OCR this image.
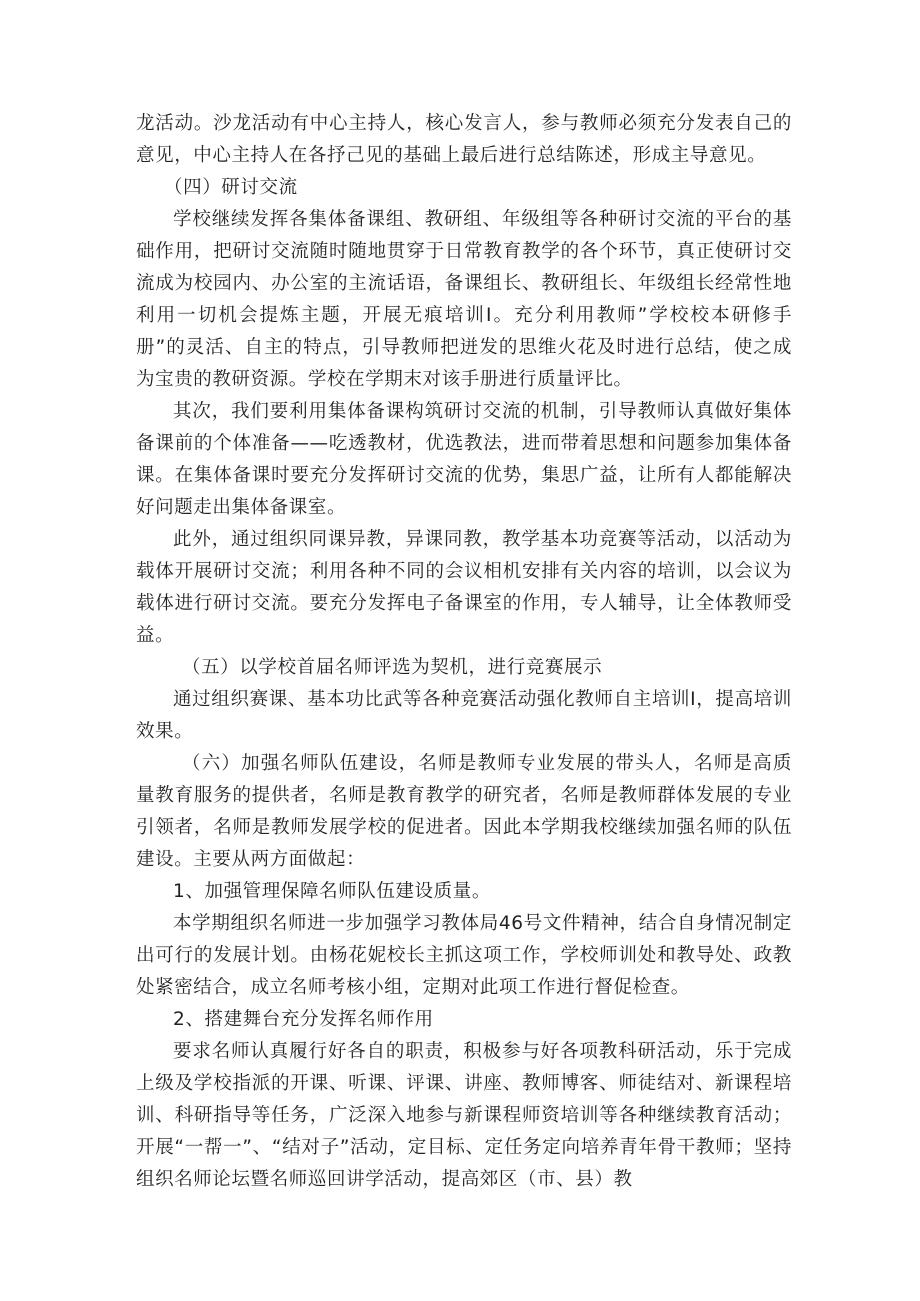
龙活动。沙龙活动有中心主持人，核心发言人，参与教师必须充分发表自己的意见，中心主持人在各抒己见的基础上最后进行总结陈述，形成主导意见。

（四）研讨交流

学校继续发挥各集体备课组、教研组、年级组等各种研讨交流的平台的基础作用，把研讨交流随时随地贯穿于日常教育教学的各个环节，真正使研讨交流成为校园内、办公室的主流话语，备课组长、教研组长、年级组长经常性地利用一切机会提炼主题，开展无痕培训I。充分利用教师”学校校本研修手册”的灵活、自主的特点，引导教师把迸发的思维火花及时进行总结，使之成为宝贵的教研资源。学校在学期末对该手册进行质量评比。

其次，我们要利用集体备课构筑研讨交流的机制，引导教师认真做好集体备课前的个体准备——吃透教材，优选教法，进而带着思想和问题参加集体备课。在集体备课时要充分发挥研讨交流的优势，集思广益，让所有人都能解决好问题走出集体备课室。

此外，通过组织同课异教，异课同教，教学基本功竞赛等活动，以活动为载体开展研讨交流；利用各种不同的会议相机安排有关内容的培训，以会议为载体进行研讨交流。要充分发挥电子备课室的作用，专人辅导，让全体教师受益。

（五）以学校首届名师评选为契机，进行竞赛展示

通过组织赛课、基本功比武等各种竞赛活动强化教师自主培训I，提高培训效果。

（六）加强名师队伍建设，名师是教师专业发展的带头人，名师是高质量教育服务的提供者，名师是教育教学的研究者，名师是教师群体发展的专业引领者，名师是教师发展学校的促进者。因此本学期我校继续加强名师的队伍建设。主要从两方面做起：

1、加强管理保障名师队伍建设质量。

本学期组织名师进一步加强学习教体局46号文件精神，结合自身情况制定出可行的发展计划。由杨花妮校长主抓这项工作，学校师训处和教导处、政教处紧密结合，成立名师考核小组，定期对此项工作进行督促检查。

2、搭建舞台充分发挥名师作用

要求名师认真履行好各自的职责，积极参与好各项教科研活动，乐于完成上级及学校指派的开课、听课、评课、讲座、教师博客、师徒结对、新课程培训、科研指导等任务，广泛深入地参与新课程师资培训等各种继续教育活动；开展“一帮一”、“结对子”活动，定目标、定任务定向培养青年骨干教师；坚持组织名师论坛暨名师巡回讲学活动，提高郊区（市、县）教
